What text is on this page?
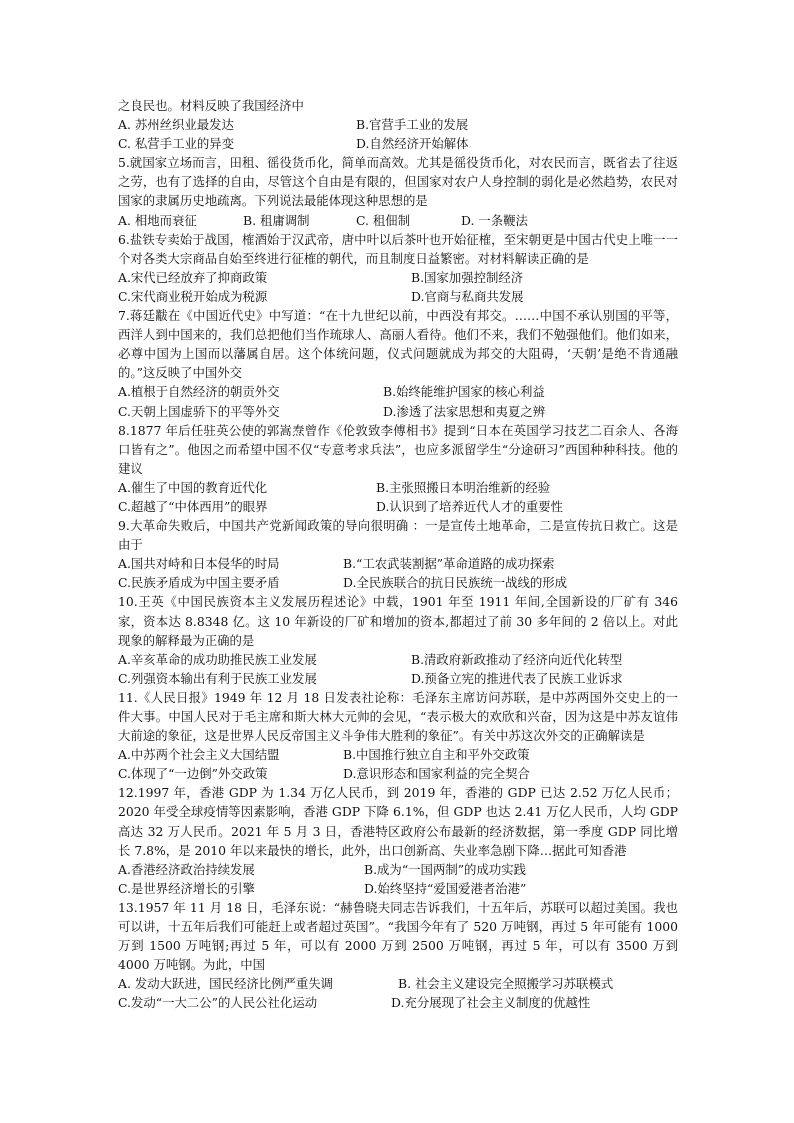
之良民也。材料反映了我国经济中
A. 苏州丝织业最发达	B.官营手工业的发展
C. 私营手工业的异变	D.自然经济开始解体
5.就国家立场而言，田租、徭役货币化，简单而高效。尤其是徭役货币化，对农民而言，既省去了往返之劳，也有了选择的自由，尽管这个自由是有限的，但国家对农户人身控制的弱化是必然趋势，农民对国家的隶属历史地疏离。下列说法最能体现这种思想的是
A. 相地而衰征	B. 租庸调制	C. 租佃制	D. 一条鞭法
6.盐铁专卖始于战国，榷酒始于汉武帝，唐中叶以后茶叶也开始征榷，至宋朝更是中国古代史上唯一一个对各类大宗商品自始至终进行征榷的朝代，而且制度日益繁密。对材料解读正确的是
A.宋代已经放弃了抑商政策	B.国家加强控制经济
C.宋代商业税开始成为税源	D.官商与私商共发展
7.蒋廷黻在《中国近代史》中写道：“在十九世纪以前，中西没有邦交。……中国不承认别国的平等，西洋人到中国来的，我们总把他们当作琉球人、高丽人看待。他们不来，我们不勉强他们。他们如来，必尊中国为上国而以藩属自居。这个体统问题，仪式问题就成为邦交的大阻碍，‘天朝’是绝不肯通融的。”这反映了中国外交
A.植根于自然经济的朝贡外交	B.始终能维护国家的核心利益
C.天朝上国虚骄下的平等外交	D.渗透了法家思想和夷夏之辨
8.1877 年后任驻英公使的郭嵩焘曾作《伦敦致李傅相书》提到“日本在英国学习技艺二百余人、各海口皆有之”。他因之而希望中国不仅“专意考求兵法”，也应多派留学生“分途研习”西国种种科技。他的建议
A.催生了中国的教育近代化	B.主张照搬日本明治维新的经验
C.超越了“中体西用”的眼界	D.认识到了培养近代人才的重要性
9.大革命失败后，中国共产党新闻政策的导向很明确 ：一是宣传土地革命，二是宣传抗日救亡。这是由于
A.国共对峙和日本侵华的时局	B.“工农武装割据”革命道路的成功探索
C.民族矛盾成为中国主要矛盾	D.全民族联合的抗日民族统一战线的形成
10.王英《中国民族资本主义发展历程述论》中载，1901 年至 1911 年间,全国新设的厂矿有 346 家，资本达 8.8348 亿。这 10 年新设的厂矿和增加的资本,都超过了前 30 多年间的 2 倍以上。对此现象的解释最为正确的是
A.辛亥革命的成功助推民族工业发展	B.清政府新政推动了经济向近代化转型
C.列强资本输出有利于民族工业发展	D.预备立宪的推进代表了民族工业诉求
11.《人民日报》1949 年 12 月 18 日发表社论称：毛泽东主席访问苏联，是中苏两国外交史上的一件大事。中国人民对于毛主席和斯大林大元帅的会见，“表示极大的欢欣和兴奋，因为这是中苏友谊伟大前途的象征，这是世界人民反帝国主义斗争伟大胜利的象征”。有关中苏这次外交的正确解读是
A.中苏两个社会主义大国结盟	B.中国推行独立自主和平外交政策
C.体现了“一边倒”外交政策	D.意识形态和国家利益的完全契合
12.1997 年，香港 GDP 为 1.34 万亿人民币，到 2019 年，香港的 GDP 已达 2.52 万亿人民币；2020 年受全球疫情等因素影响，香港 GDP 下降 6.1%，但 GDP 也达 2.41 万亿人民币，人均 GDP 高达 32 万人民币。2021 年 5 月 3 日，香港特区政府公布最新的经济数据，第一季度 GDP 同比增长 7.8%，是 2010 年以来最快的增长，此外，出口创新高、失业率急剧下降…据此可知香港
A.香港经济政治持续发展	B.成为“一国两制”的成功实践
C.是世界经济增长的引擎	D.始终坚持“爱国爱港者治港”
13.1957 年 11 月 18 日，毛泽东说：“赫鲁晓夫同志告诉我们，十五年后，苏联可以超过美国。我也可以讲，十五年后我们可能赶上或者超过英国”。“我国今年有了 520 万吨钢，再过 5 年可能有 1000 万到 1500 万吨钢;再过 5 年，可以有 2000 万到 2500 万吨钢，再过 5 年，可以有 3500 万到 4000 万吨钢。为此，中国
A. 发动大跃进，国民经济比例严重失调	B. 社会主义建设完全照搬学习苏联模式
C.发动“一大二公”的人民公社化运动	D.充分展现了社会主义制度的优越性
